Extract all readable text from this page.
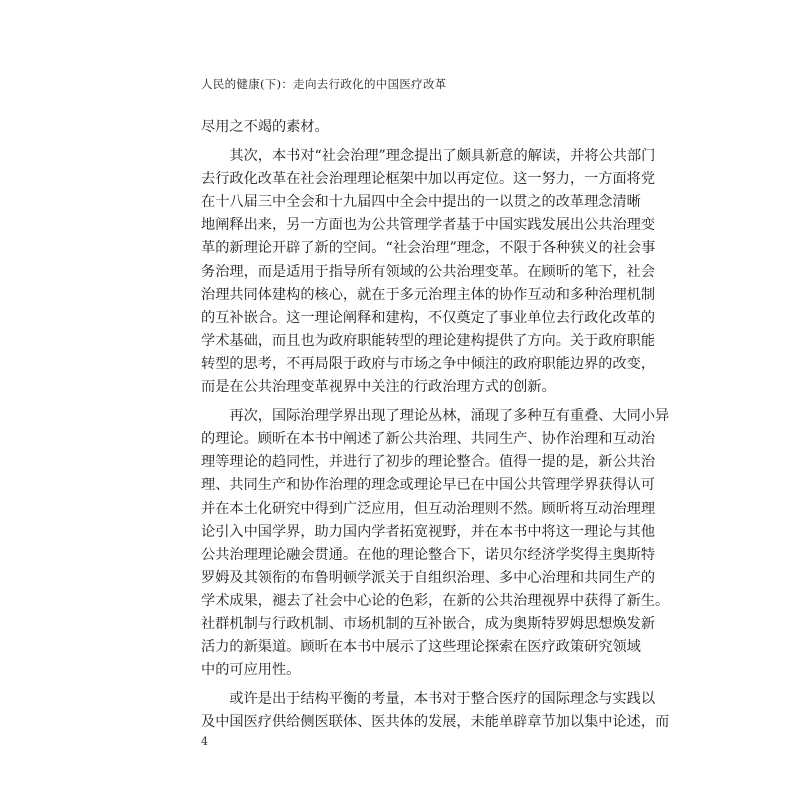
人民的健康(下)：走向去行政化的中国医疗改革
尽用之不竭的素材。
　　其次，本书对“社会治理”理念提出了颇具新意的解读，并将公共部门
去行政化改革在社会治理理论框架中加以再定位。这一努力，一方面将党
在十八届三中全会和十九届四中全会中提出的一以贯之的改革理念清晰
地阐释出来，另一方面也为公共管理学者基于中国实践发展出公共治理变
革的新理论开辟了新的空间。“社会治理”理念，不限于各种狭义的社会事
务治理，而是适用于指导所有领域的公共治理变革。在顾昕的笔下，社会
治理共同体建构的核心，就在于多元治理主体的协作互动和多种治理机制
的互补嵌合。这一理论阐释和建构，不仅奠定了事业单位去行政化改革的
学术基础，而且也为政府职能转型的理论建构提供了方向。关于政府职能
转型的思考，不再局限于政府与市场之争中倾注的政府职能边界的改变，
而是在公共治理变革视界中关注的行政治理方式的创新。
　　再次，国际治理学界出现了理论丛林，涌现了多种互有重叠、大同小异
的理论。顾昕在本书中阐述了新公共治理、共同生产、协作治理和互动治
理等理论的趋同性，并进行了初步的理论整合。值得一提的是，新公共治
理、共同生产和协作治理的理念或理论早已在中国公共管理学界获得认可
并在本土化研究中得到广泛应用，但互动治理则不然。顾昕将互动治理理
论引入中国学界，助力国内学者拓宽视野，并在本书中将这一理论与其他
公共治理理论融会贯通。在他的理论整合下，诺贝尔经济学奖得主奥斯特
罗姆及其领衔的布鲁明顿学派关于自组织治理、多中心治理和共同生产的
学术成果，褪去了社会中心论的色彩，在新的公共治理视界中获得了新生。
社群机制与行政机制、市场机制的互补嵌合，成为奥斯特罗姆思想焕发新
活力的新渠道。顾昕在本书中展示了这些理论探索在医疗政策研究领域
中的可应用性。
　　或许是出于结构平衡的考量，本书对于整合医疗的国际理念与实践以
及中国医疗供给侧医联体、医共体的发展，未能单辟章节加以集中论述，而
4
